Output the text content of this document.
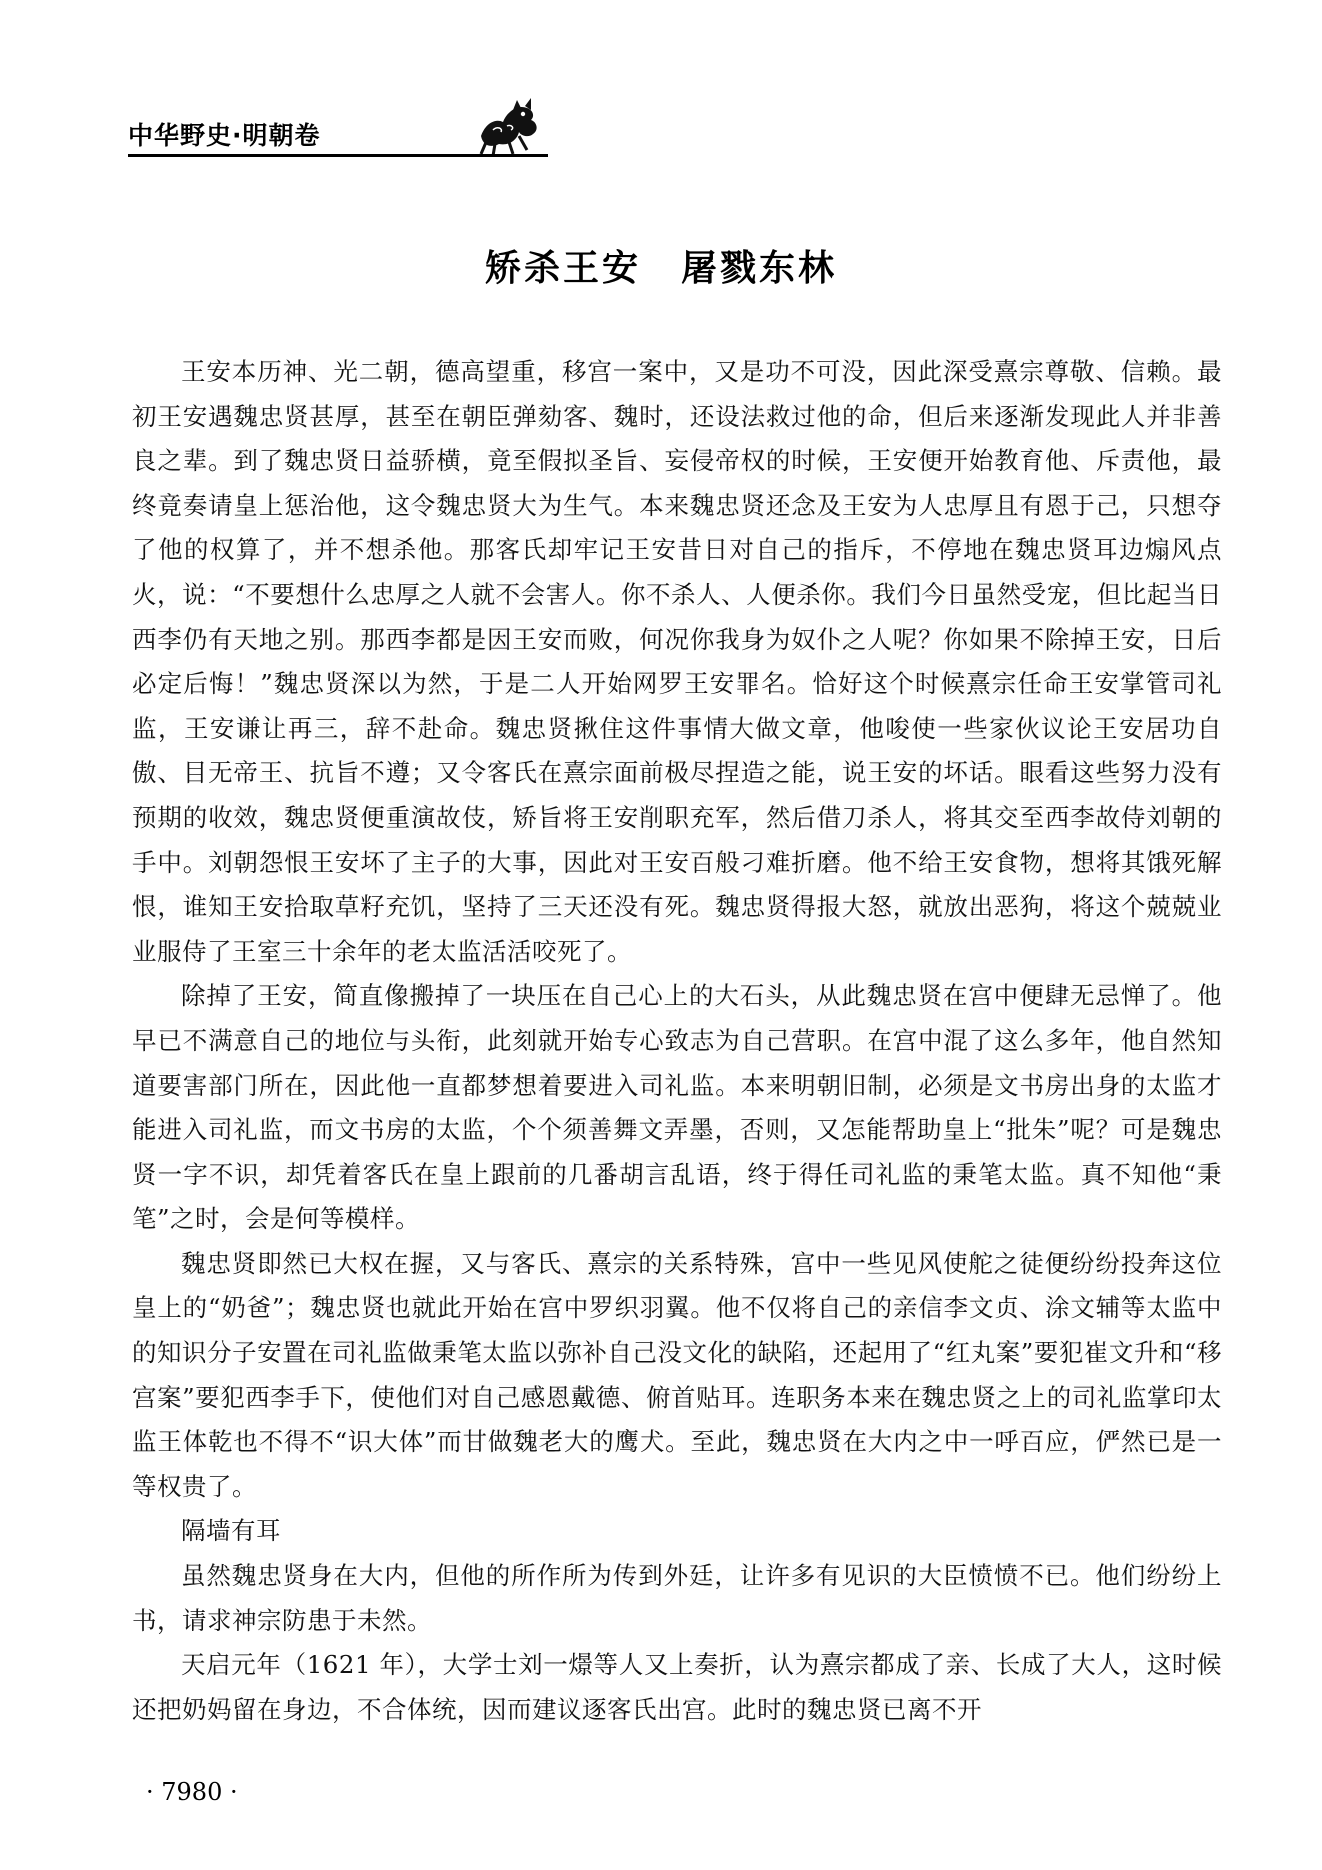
中华野史·明朝卷
矫杀王安 屠戮东林

王安本历神、光二朝，德高望重，移宫一案中，又是功不可没，因此深受熹宗尊敬、信赖。最初王安遇魏忠贤甚厚，甚至在朝臣弹劾客、魏时，还设法救过他的命，但后来逐渐发现此人并非善良之辈。到了魏忠贤日益骄横，竟至假拟圣旨、妄侵帝权的时候，王安便开始教育他、斥责他，最终竟奏请皇上惩治他，这令魏忠贤大为生气。本来魏忠贤还念及王安为人忠厚且有恩于己，只想夺了他的权算了，并不想杀他。那客氏却牢记王安昔日对自己的指斥，不停地在魏忠贤耳边煽风点火，说：“不要想什么忠厚之人就不会害人。你不杀人、人便杀你。我们今日虽然受宠，但比起当日西李仍有天地之别。那西李都是因王安而败，何况你我身为奴仆之人呢？你如果不除掉王安，日后必定后悔！”魏忠贤深以为然，于是二人开始网罗王安罪名。恰好这个时候熹宗任命王安掌管司礼监，王安谦让再三，辞不赴命。魏忠贤揪住这件事情大做文章，他唆使一些家伙议论王安居功自傲、目无帝王、抗旨不遵；又令客氏在熹宗面前极尽捏造之能，说王安的坏话。眼看这些努力没有预期的收效，魏忠贤便重演故伎，矫旨将王安削职充军，然后借刀杀人，将其交至西李故侍刘朝的手中。刘朝怨恨王安坏了主子的大事，因此对王安百般刁难折磨。他不给王安食物，想将其饿死解恨，谁知王安拾取草籽充饥，坚持了三天还没有死。魏忠贤得报大怒，就放出恶狗，将这个兢兢业业服侍了王室三十余年的老太监活活咬死了。

除掉了王安，简直像搬掉了一块压在自己心上的大石头，从此魏忠贤在宫中便肆无忌惮了。他早已不满意自己的地位与头衔，此刻就开始专心致志为自己营职。在宫中混了这么多年，他自然知道要害部门所在，因此他一直都梦想着要进入司礼监。本来明朝旧制，必须是文书房出身的太监才能进入司礼监，而文书房的太监，个个须善舞文弄墨，否则，又怎能帮助皇上“批朱”呢？可是魏忠贤一字不识，却凭着客氏在皇上跟前的几番胡言乱语，终于得任司礼监的秉笔太监。真不知他“秉笔”之时，会是何等模样。

魏忠贤即然已大权在握，又与客氏、熹宗的关系特殊，宫中一些见风使舵之徒便纷纷投奔这位皇上的“奶爸”；魏忠贤也就此开始在宫中罗织羽翼。他不仅将自己的亲信李文贞、涂文辅等太监中的知识分子安置在司礼监做秉笔太监以弥补自己没文化的缺陷，还起用了“红丸案”要犯崔文升和“移宫案”要犯西李手下，使他们对自己感恩戴德、俯首贴耳。连职务本来在魏忠贤之上的司礼监掌印太监王体乾也不得不“识大体”而甘做魏老大的鹰犬。至此，魏忠贤在大内之中一呼百应，俨然已是一等权贵了。

隔墙有耳

虽然魏忠贤身在大内，但他的所作所为传到外廷，让许多有见识的大臣愤愤不已。他们纷纷上书，请求神宗防患于未然。

天启元年（1621 年），大学士刘一燝等人又上奏折，认为熹宗都成了亲、长成了大人，这时候还把奶妈留在身边，不合体统，因而建议逐客氏出宫。此时的魏忠贤已离不开

· 7980 ·
